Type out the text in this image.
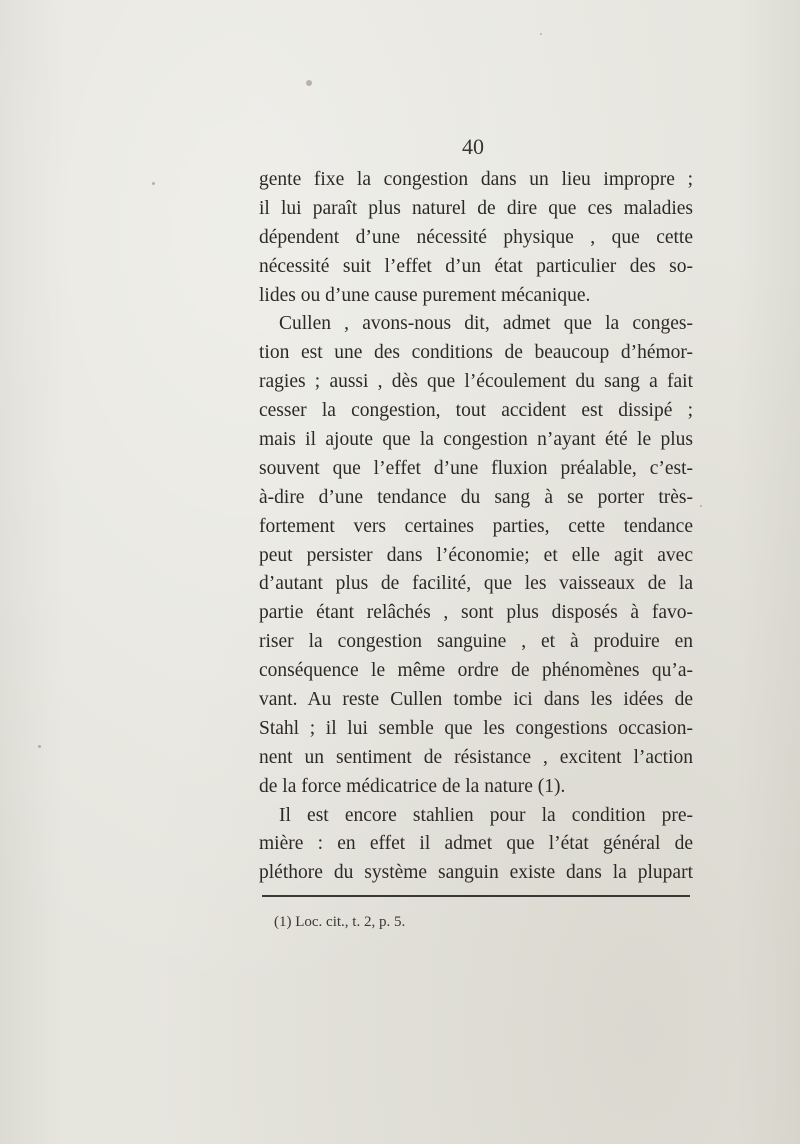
40
gente fixe la congestion dans un lieu impropre ;
il lui paraît plus naturel de dire que ces maladies
dépendent d’une nécessité physique , que cette
nécessité suit l’effet d’un état particulier des so-
lides ou d’une cause purement mécanique.
Cullen , avons-nous dit, admet que la conges-
tion est une des conditions de beaucoup d’hémor-
ragies ; aussi , dès que l’écoulement du sang a fait
cesser la congestion, tout accident est dissipé ;
mais il ajoute que la congestion n’ayant été le plus
souvent que l’effet d’une fluxion préalable, c’est-
à-dire d’une tendance du sang à se porter très-
fortement vers certaines parties, cette tendance
peut persister dans l’économie; et elle agit avec
d’autant plus de facilité, que les vaisseaux de la
partie étant relâchés , sont plus disposés à favo-
riser la congestion sanguine , et à produire en
conséquence le même ordre de phénomènes qu’a-
vant. Au reste Cullen tombe ici dans les idées de
Stahl ; il lui semble que les congestions occasion-
nent un sentiment de résistance , excitent l’action
de la force médicatrice de la nature (1).
Il est encore stahlien pour la condition pre-
mière : en effet il admet que l’état général de
pléthore du système sanguin existe dans la plupart
(1) Loc. cit., t. 2, p. 5.
